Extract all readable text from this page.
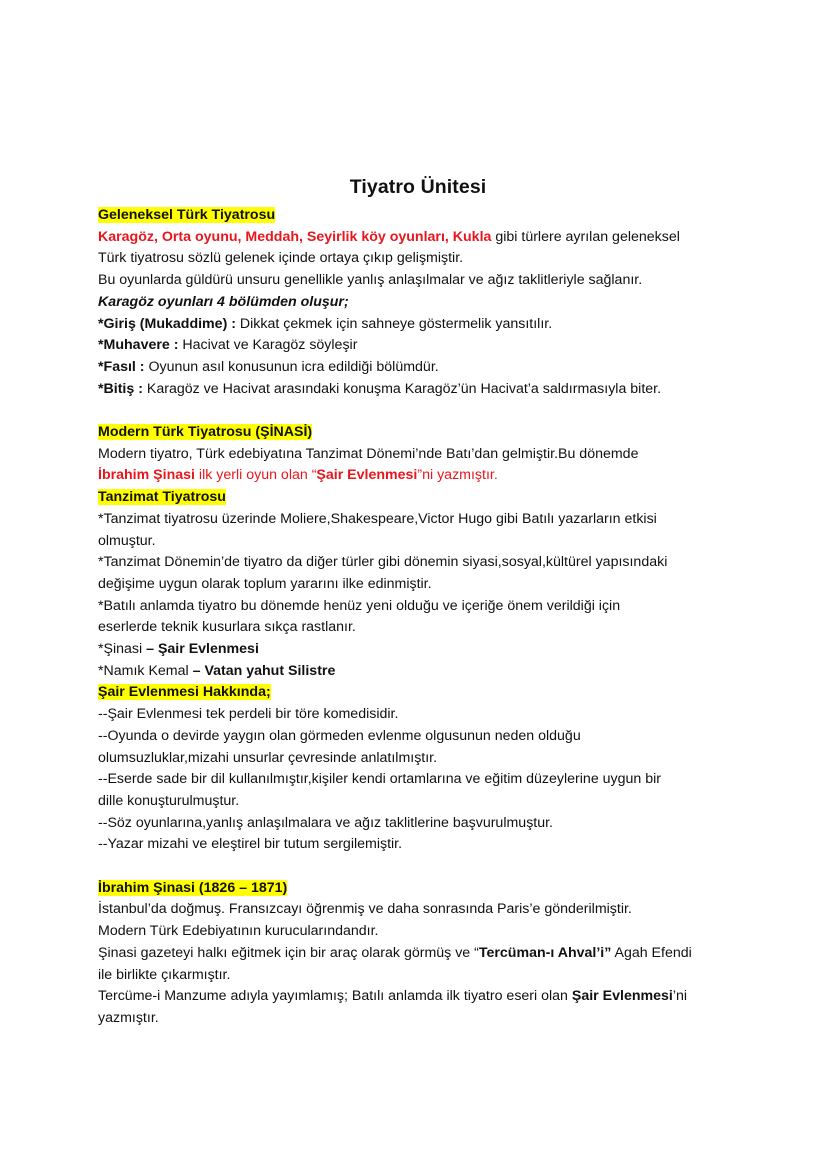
Tiyatro Ünitesi
Geleneksel Türk Tiyatrosu
Karagöz, Orta oyunu, Meddah, Seyirlik köy oyunları, Kukla gibi türlere ayrılan geleneksel
Türk tiyatrosu sözlü gelenek içinde ortaya çıkıp gelişmiştir.
Bu oyunlarda güldürü unsuru genellikle yanlış anlaşılmalar ve ağız taklitleriyle sağlanır.
Karagöz oyunları 4 bölümden oluşur;
*Giriş (Mukaddime) : Dikkat çekmek için sahneye göstermelik yansıtılır.
*Muhavere : Hacivat ve Karagöz söyleşir
*Fasıl : Oyunun asıl konusunun icra edildiği bölümdür.
*Bitiş : Karagöz ve Hacivat arasındaki konuşma Karagöz’ün Hacivat’a saldırmasıyla biter.
Modern Türk Tiyatrosu (ŞİNASİ)
Modern tiyatro, Türk edebiyatına Tanzimat Dönemi’nde Batı’dan gelmiştir.Bu dönemde
İbrahim Şinasi ilk yerli oyun olan “Şair Evlenmesi”ni yazmıştır.
Tanzimat Tiyatrosu
*Tanzimat tiyatrosu üzerinde Moliere,Shakespeare,Victor Hugo gibi Batılı yazarların etkisi
olmuştur.
*Tanzimat Dönemin’de tiyatro da diğer türler gibi dönemin siyasi,sosyal,kültürel yapısındaki
değişime uygun olarak toplum yararını ilke edinmiştir.
*Batılı anlamda tiyatro bu dönemde henüz yeni olduğu ve içeriğe önem verildiği için
eserlerde teknik kusurlara sıkça rastlanır.
*Şinasi – Şair Evlenmesi
*Namık Kemal – Vatan yahut Silistre
Şair Evlenmesi Hakkında;
--Şair Evlenmesi tek perdeli bir töre komedisidir.
--Oyunda o devirde yaygın olan görmeden evlenme olgusunun neden olduğu
olumsuzluklar,mizahi unsurlar çevresinde anlatılmıştır.
--Eserde sade bir dil kullanılmıştır,kişiler kendi ortamlarına ve eğitim düzeylerine uygun bir
dille konuşturulmuştur.
--Söz oyunlarına,yanlış anlaşılmalara ve ağız taklitlerine başvurulmuştur.
--Yazar mizahi ve eleştirel bir tutum sergilemiştir.
İbrahim Şinasi (1826 – 1871)
İstanbul’da doğmuş. Fransızcayı öğrenmiş ve daha sonrasında Paris’e gönderilmiştir.
Modern Türk Edebiyatının kurucularındandır.
Şinasi gazeteyi halkı eğitmek için bir araç olarak görmüş ve “Tercüman-ı Ahval’i” Agah Efendi
ile birlikte çıkarmıştır.
Tercüme-i Manzume adıyla yayımlamış; Batılı anlamda ilk tiyatro eseri olan Şair Evlenmesi’ni
yazmıştır.
